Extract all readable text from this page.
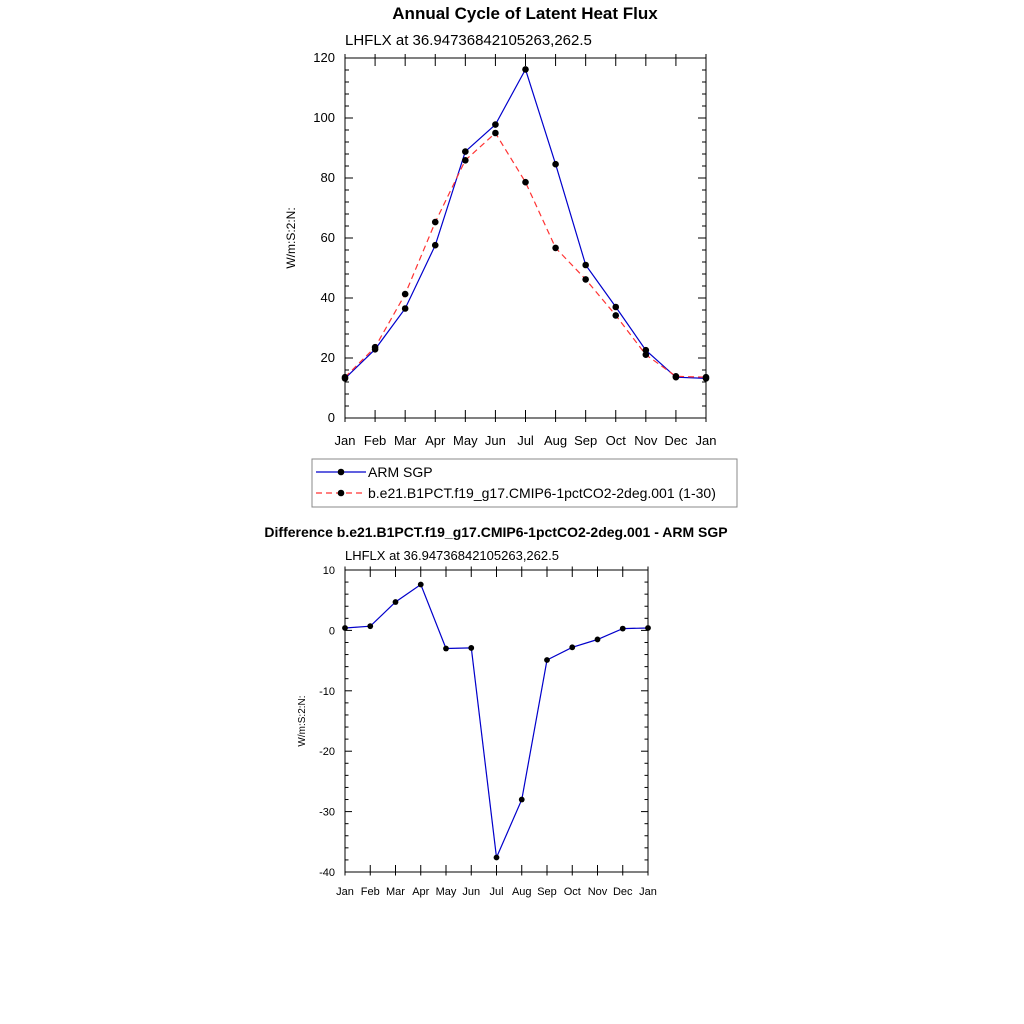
Annual Cycle of Latent Heat Flux
LHFLX at 36.94736842105263,262.5
W/m:S:2:N:
0
20
40
60
80
100
120
Jan Feb Mar Apr May Jun Jul Aug Sep Oct Nov Dec Jan
ARM SGP
b.e21.B1PCT.f19_g17.CMIP6-1pctCO2-2deg.001 (1-30)
Difference b.e21.B1PCT.f19_g17.CMIP6-1pctCO2-2deg.001 - ARM SGP
LHFLX at 36.94736842105263,262.5
W/m:S:2:N:
-40
-30
-20
-10
0
10
Jan Feb Mar Apr May Jun Jul Aug Sep Oct Nov Dec Jan
